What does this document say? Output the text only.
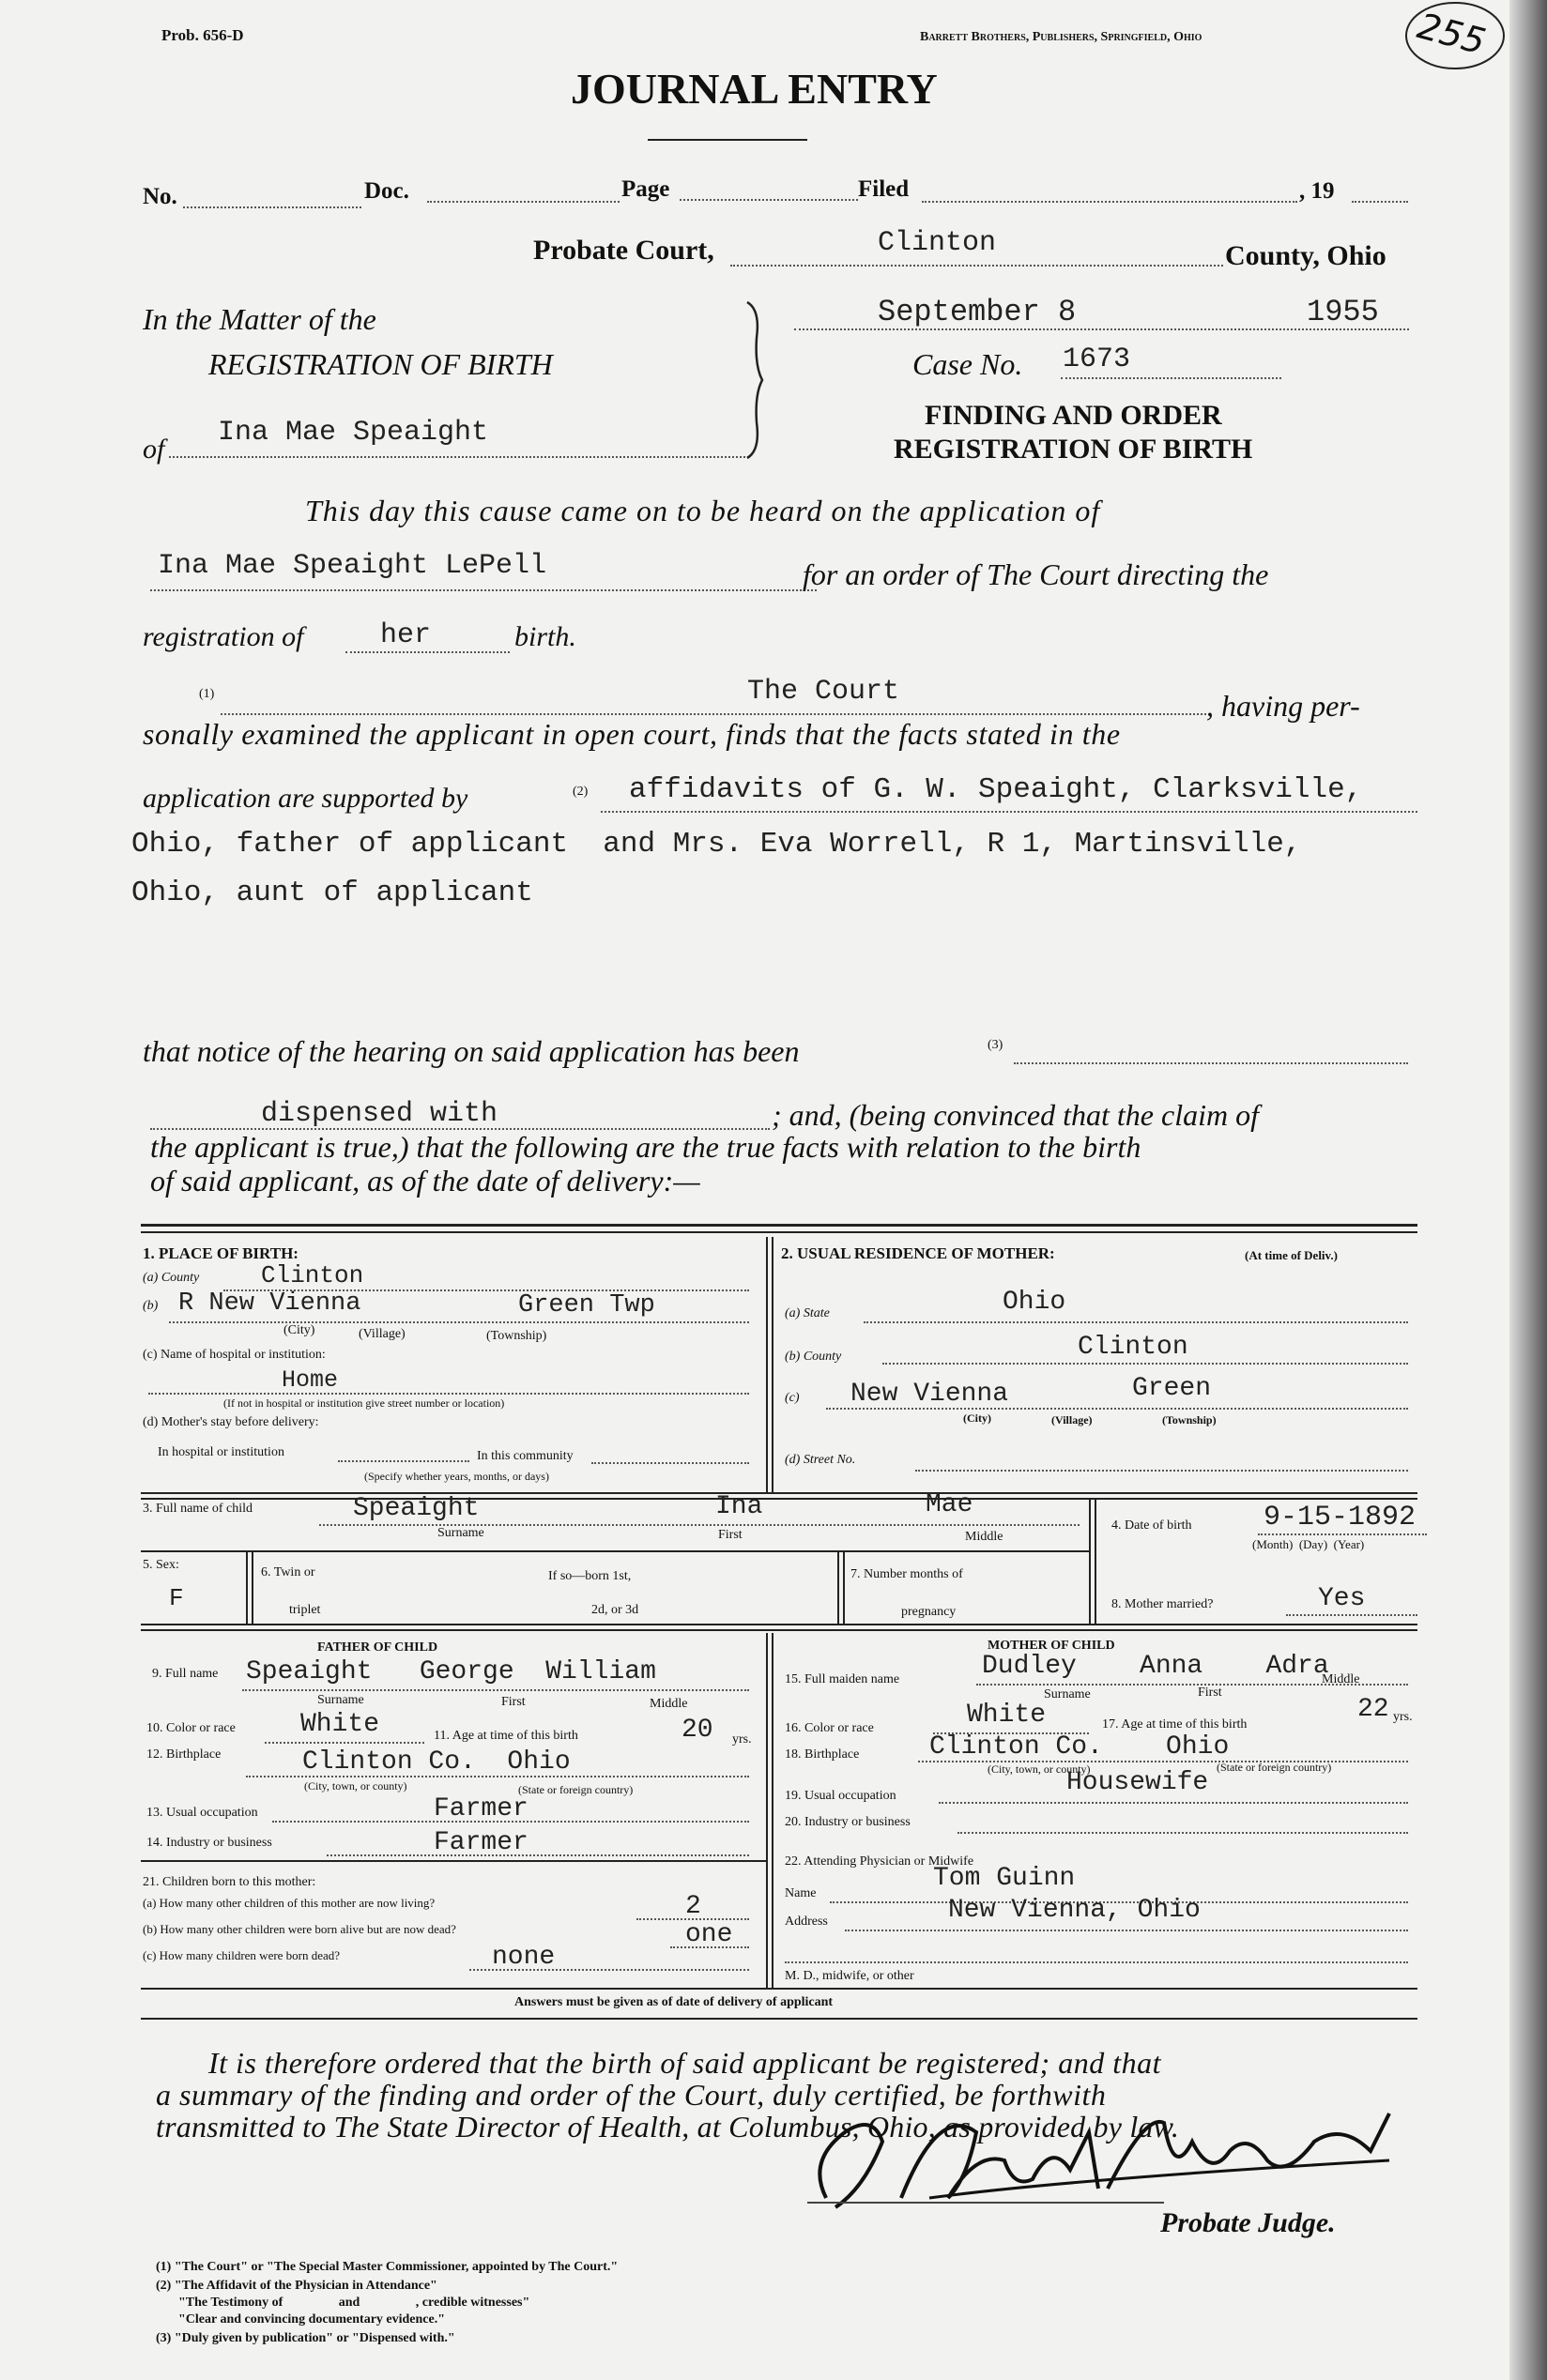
Prob. 656-D	Barrett Brothers, Publishers, Springfield, Ohio	255
JOURNAL ENTRY
No.	Doc.	Page	Filed	, 19
Probate Court,	Clinton	County, Ohio
In the Matter of the
REGISTRATION OF BIRTH
of
Ina Mae Speaight
September 8	1955
Case No. 1673
FINDING AND ORDER
REGISTRATION OF BIRTH
This day this cause came on to be heard on the application of
Ina Mae Speaight LePell	for an order of The Court directing the
registration of	her	birth.
(1)	The Court	, having per-
sonally examined the applicant in open court, finds that the facts stated in the
application are supported by	(2) affidavits of G. W. Speaight, Clarksville,
Ohio, father of applicant  and Mrs. Eva Worrell, R 1, Martinsville,
Ohio, aunt of applicant
that notice of the hearing on said application has been	(3)
dispensed with	; and, (being convinced that the claim of
the applicant is true,) that the following are the true facts with relation to the birth
of said applicant, as of the date of delivery:—
1. PLACE OF BIRTH:
(a) County	Clinton
(b) R New Vienna	Green Twp
(City)	(Village)	(Township)
(c) Name of hospital or institution:
Home
(If not in hospital or institution give street number or location)
(d) Mother's stay before delivery:
In hospital or institution	In this community
(Specify whether years, months, or days)
2. USUAL RESIDENCE OF MOTHER:	(At time of Deliv.)
(a) State	Ohio
(b) County	Clinton
(c) New Vienna	Green
(City)	(Village)	(Township)
(d) Street No.
3. Full name of child	Speaight	Ina	Mae
Surname	First	Middle
4. Date of birth	9-15-1892
(Month)  (Day)  (Year)
5. Sex:
F
6. Twin or
triplet
If so—born 1st,
2d, or 3d
7. Number months of
pregnancy
8. Mother married?	Yes
FATHER OF CHILD
9. Full name Speaight   George  William
Surname	First	Middle
10. Color or race White	11. Age at time of this birth	20 yrs.
12. Birthplace	Clinton Co.  Ohio
(City, town, or county)	(State or foreign country)
13. Usual occupation	Farmer
14. Industry or business	Farmer
21. Children born to this mother:
(a) How many other children of this mother are now living?	2
(b) How many other children were born alive but are now dead?	one
(c) How many children were born dead?	none
MOTHER OF CHILD
15. Full maiden name	Dudley    Anna    Adra
Surname	First
Middle
16. Color or race	White	17. Age at time of this birth
22 yrs.
18. Birthplace	Clinton Co.    Ohio
(City, town, or county)	(State or foreign country)
19. Usual occupation	Housewife
20. Industry or business
22. Attending Physician or Midwife
Name
Tom Guinn
Address	New Vienna, Ohio
M. D., midwife, or other
Answers must be given as of date of delivery of applicant
It is therefore ordered that the birth of said applicant be registered; and that
a summary of the finding and order of the Court, duly certified, be forthwith
transmitted to The State Director of Health, at Columbus, Ohio, as provided by law.
Probate Judge.
(1) "The Court" or "The Special Master Commissioner, appointed by The Court."
(2) "The Affidavit of the Physician in Attendance"
"The Testimony of                 and                 , credible witnesses"
"Clear and convincing documentary evidence."
(3) "Duly given by publication" or "Dispensed with."
